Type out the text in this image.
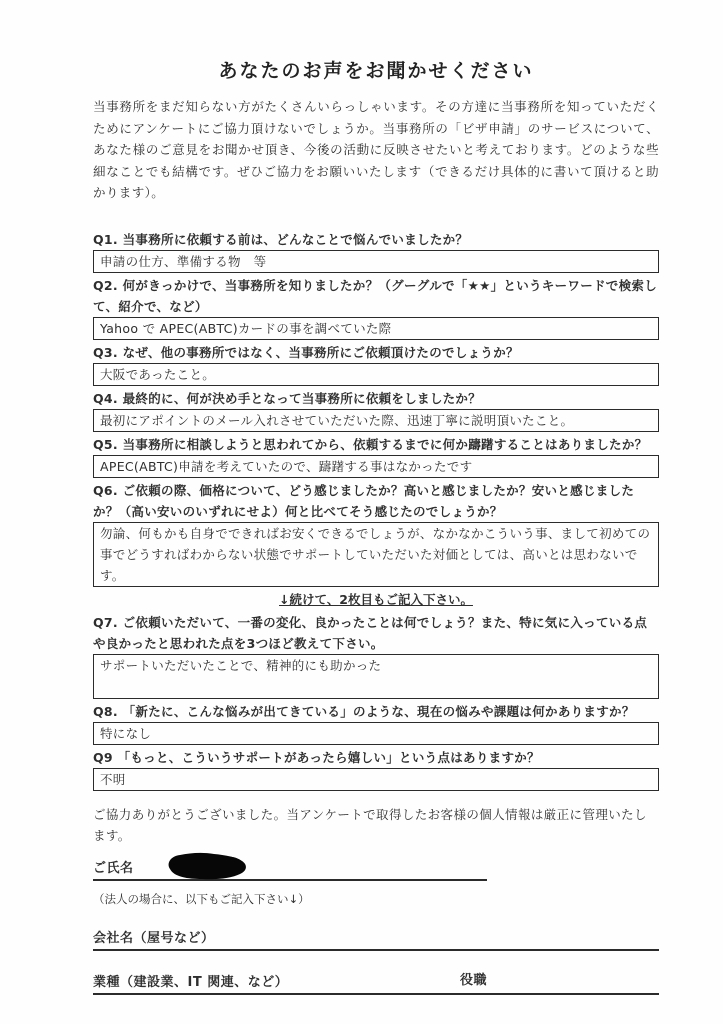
あなたのお声をお聞かせください
当事務所をまだ知らない方がたくさんいらっしゃいます。その方達に当事務所を知っていただくためにアンケートにご協力頂けないでしょうか。当事務所の「ビザ申請」のサービスについて、あなた様のご意見をお聞かせ頂き、今後の活動に反映させたいと考えております。どのような些細なことでも結構です。ぜひご協力をお願いいたします（できるだけ具体的に書いて頂けると助かります）。
Q1. 当事務所に依頼する前は、どんなことで悩んでいましたか？
申請の仕方、準備する物　等
Q2. 何がきっかけで、当事務所を知りましたか？（グーグルで「★★」というキーワードで検索して、紹介で、など）
Yahoo で APEC(ABTC)カードの事を調べていた際
Q3. なぜ、他の事務所ではなく、当事務所にご依頼頂けたのでしょうか？
大阪であったこと。
Q4. 最終的に、何が決め手となって当事務所に依頼をしましたか？
最初にアポイントのメール入れさせていただいた際、迅速丁寧に説明頂いたこと。
Q5. 当事務所に相談しようと思われてから、依頼するまでに何か躊躇することはありましたか？
APEC(ABTC)申請を考えていたので、躊躇する事はなかったです
Q6. ご依頼の際、価格について、どう感じましたか？高いと感じましたか？安いと感じましたか？（高い安いのいずれにせよ）何と比べてそう感じたのでしょうか？
勿論、何もかも自身でできればお安くできるでしょうが、なかなかこういう事、まして初めての事でどうすればわからない状態でサポートしていただいた対価としては、高いとは思わないです。
↓続けて、2枚目もご記入下さい。
Q7. ご依頼いただいて、一番の変化、良かったことは何でしょう？また、特に気に入っている点や良かったと思われた点を3つほど教えて下さい。
サポートいただいたことで、精神的にも助かった
Q8. 「新たに、こんな悩みが出てきている」のような、現在の悩みや課題は何かありますか？
特になし
Q9 「もっと、こういうサポートがあったら嬉しい」という点はありますか？
不明
ご協力ありがとうございました。当アンケートで取得したお客様の個人情報は厳正に管理いたします。
ご氏名
（法人の場合に、以下もご記入下さい↓）
会社名（屋号など）
業種（建設業、IT 関連、など）	役職
